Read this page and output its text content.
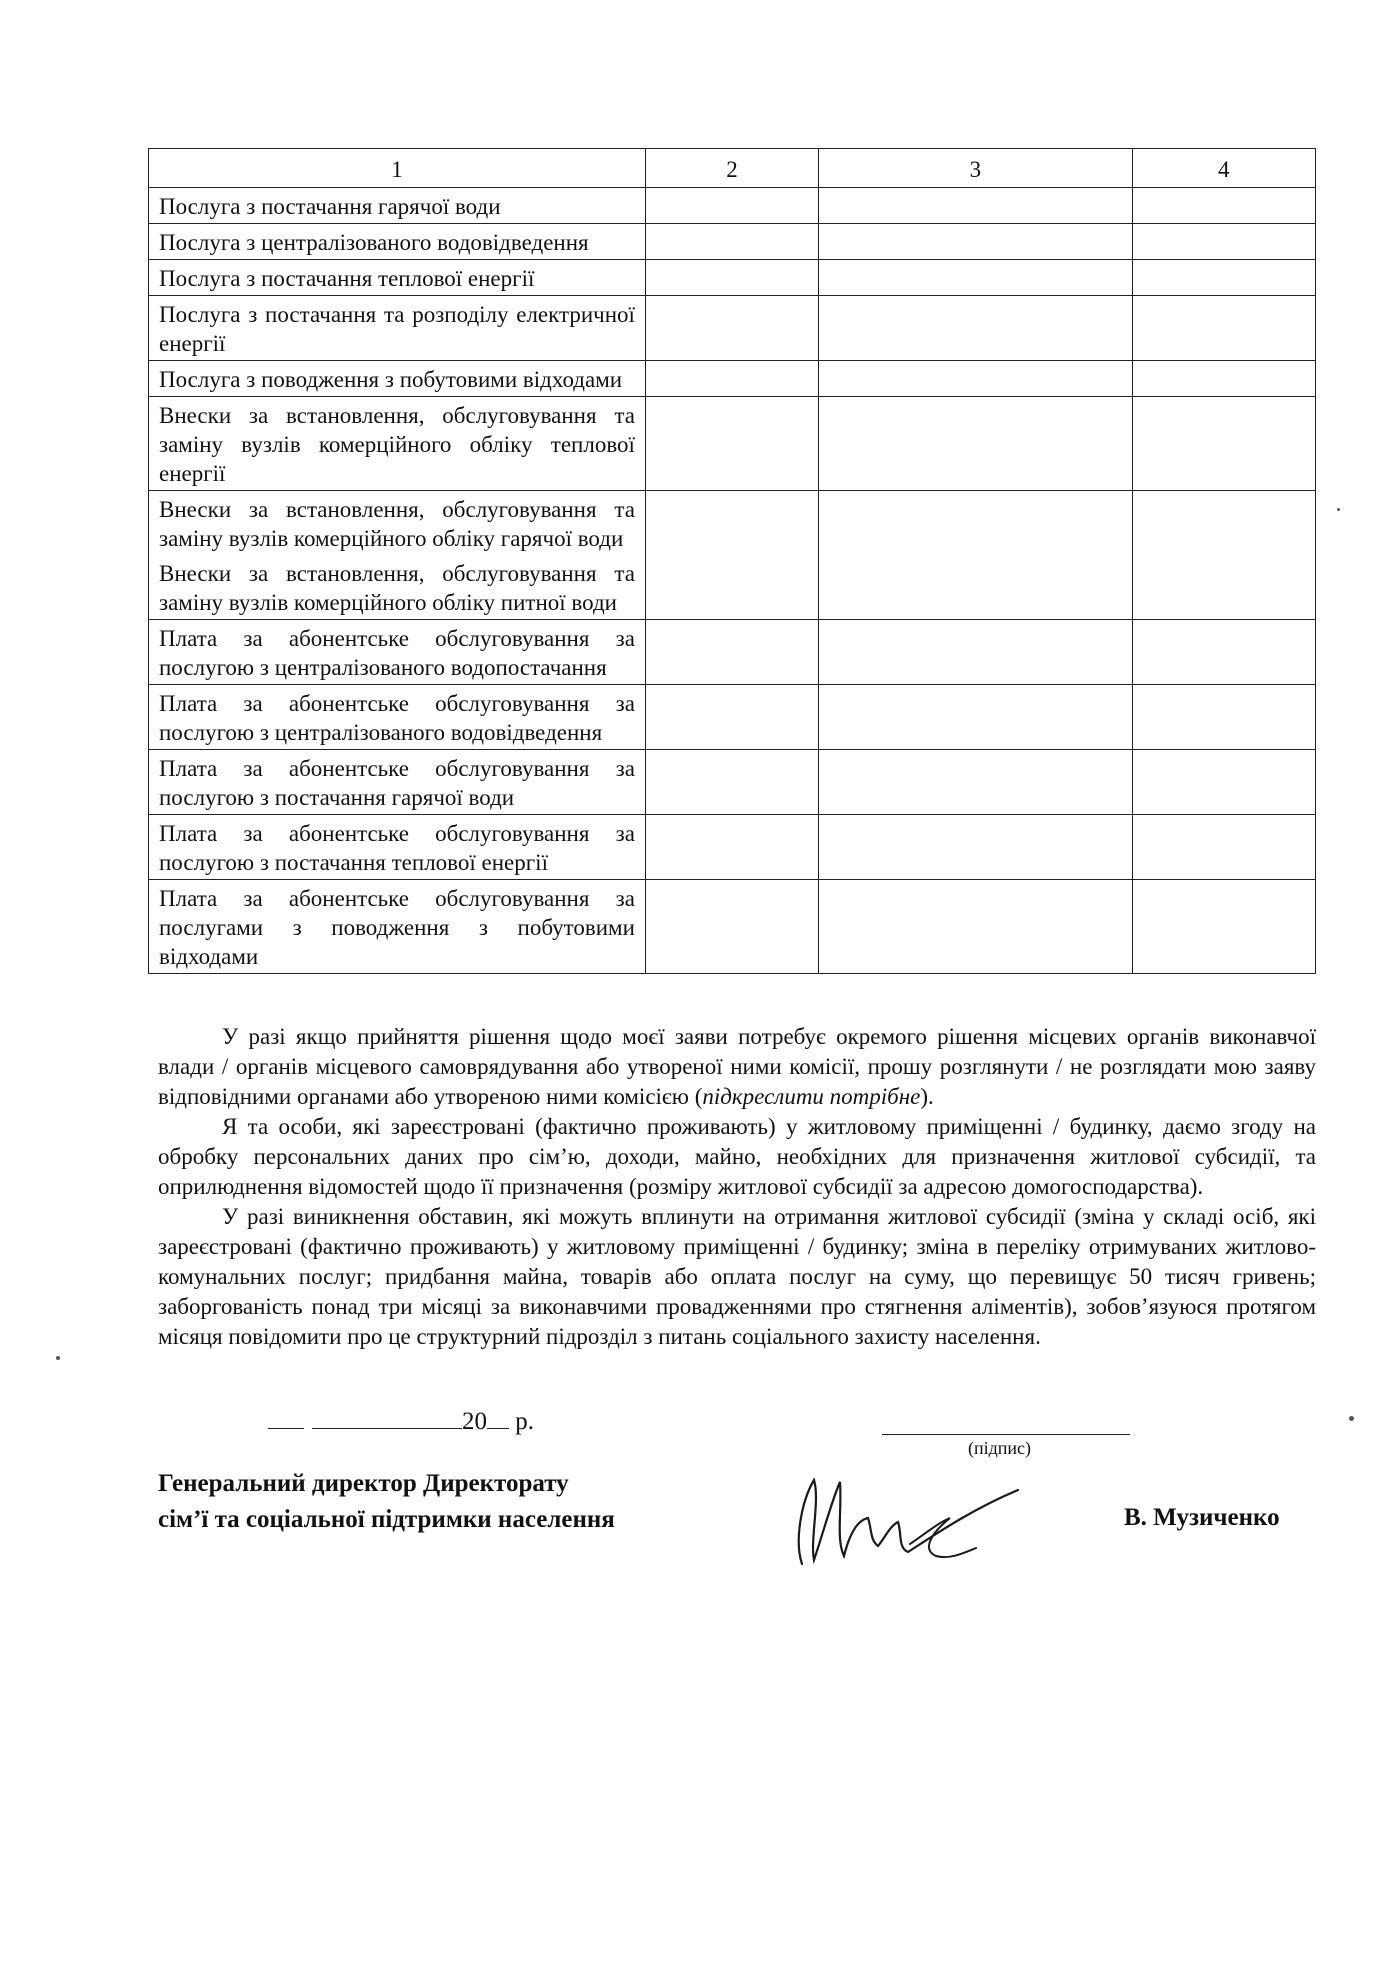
1	2	3	4
Послуга з постачання гарячої води			
Послуга з централізованого водовідведення			
Послуга з постачання теплової енергії			
Послуга з постачання та розподілу електричної енергії			
Послуга з поводження з побутовими відходами			
Внески за встановлення, обслуговування та заміну вузлів комерційного обліку теплової енергії			
Внески за встановлення, обслуговування та заміну вузлів комерційного обліку гарячої води			
Внески за встановлення, обслуговування та заміну вузлів комерційного обліку питної води			
Плата за абонентське обслуговування за послугою з централізованого водопостачання			
Плата за абонентське обслуговування за послугою з централізованого водовідведення			
Плата за абонентське обслуговування за послугою з постачання гарячої води			
Плата за абонентське обслуговування за послугою з постачання теплової енергії			
Плата за абонентське обслуговування за послугами з поводження з побутовими відходами			

У разі якщо прийняття рішення щодо моєї заяви потребує окремого рішення місцевих органів виконавчої влади / органів місцевого самоврядування або утвореної ними комісії, прошу розглянути / не розглядати мою заяву відповідними органами або утвореною ними комісією (підкреслити потрібне).

Я та особи, які зареєстровані (фактично проживають) у житловому приміщенні / будинку, даємо згоду на обробку персональних даних про сім’ю, доходи, майно, необхідних для призначення житлової субсидії, та оприлюднення відомостей щодо її призначення (розміру житлової субсидії за адресою домогосподарства).

У разі виникнення обставин, які можуть вплинути на отримання житлової субсидії (зміна у складі осіб, які зареєстровані (фактично проживають) у житловому приміщенні / будинку; зміна в переліку отримуваних житлово-комунальних послуг; придбання майна, товарів або оплата послуг на суму, що перевищує 50 тисяч гривень; заборгованість понад три місяці за виконавчими провадженнями про стягнення аліментів), зобов’язуюся протягом місяця повідомити про це структурний підрозділ з питань соціального захисту населення.

20 р.
(підпис)
Генеральний директор Директорату
сім’ї та соціальної підтримки населення	В. Музиченко
